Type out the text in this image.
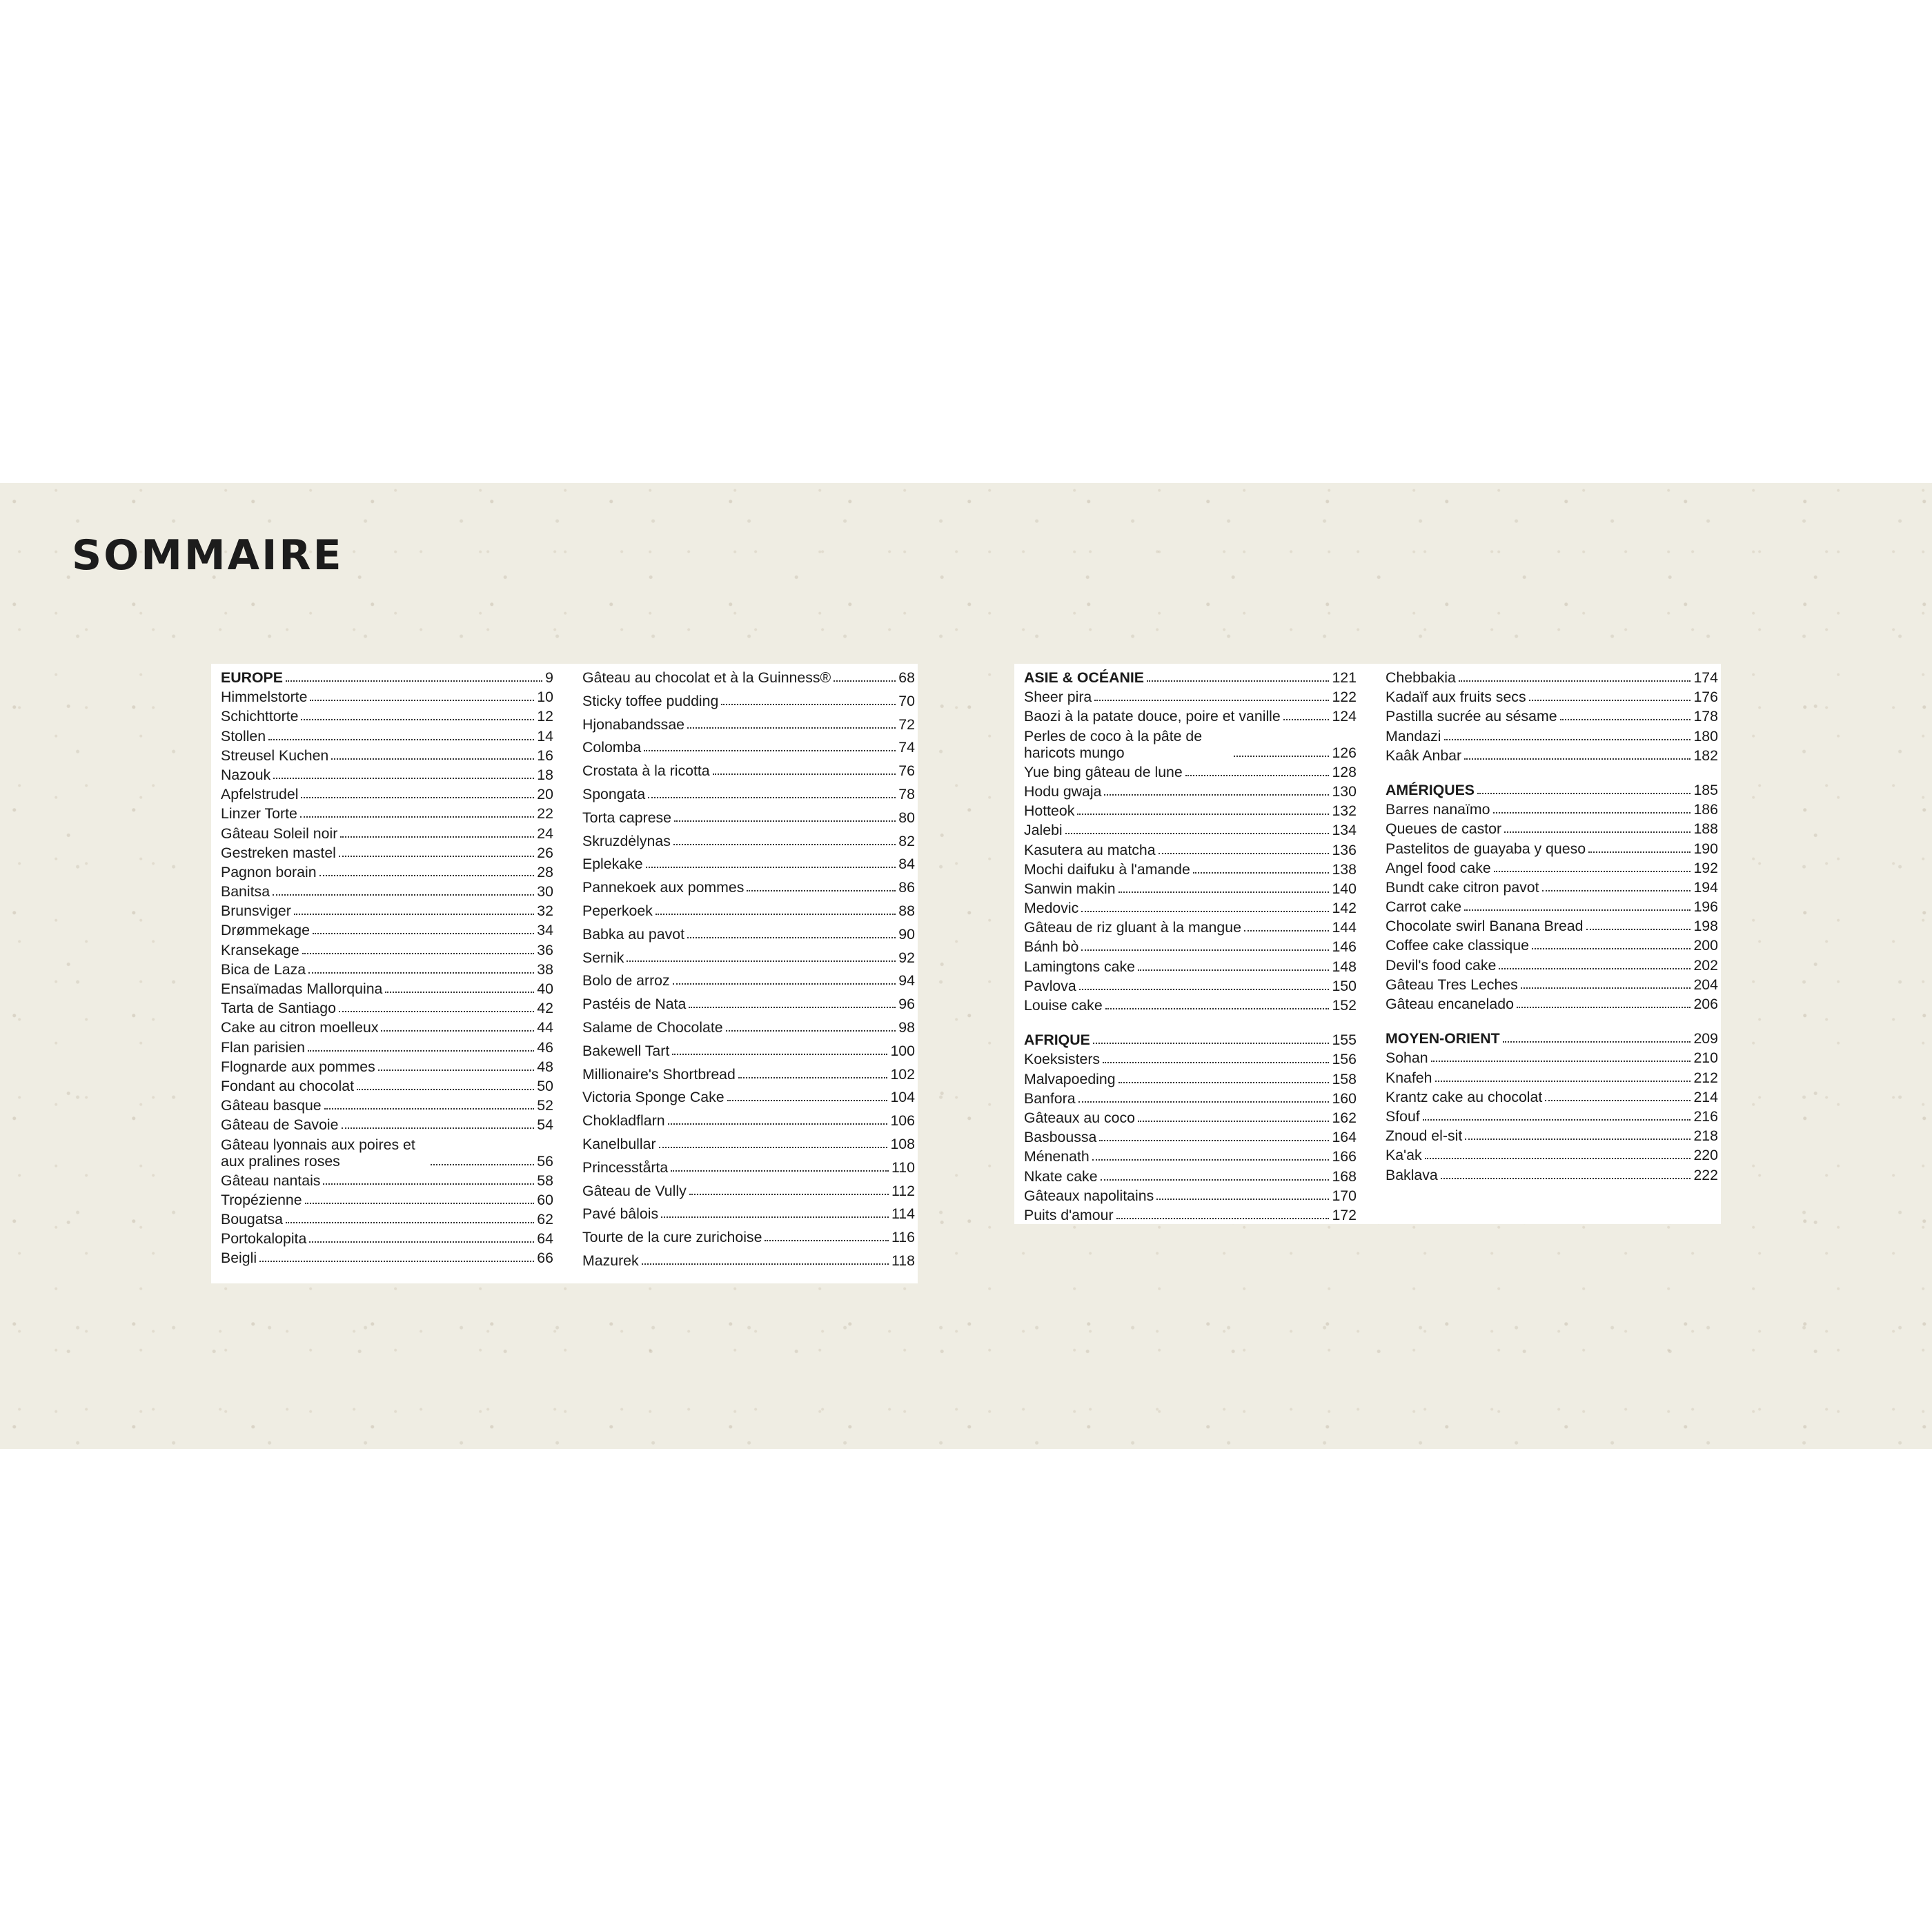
SOMMAIRE
EUROPE	9
Himmelstorte	10
Schichttorte	12
Stollen	14
Streusel Kuchen	16
Nazouk	18
Apfelstrudel	20
Linzer Torte	22
Gâteau Soleil noir	24
Gestreken mastel	26
Pagnon borain	28
Banitsa	30
Brunsviger	32
Drømmekage	34
Kransekage	36
Bica de Laza	38
Ensaïmadas Mallorquina	40
Tarta de Santiago	42
Cake au citron moelleux	44
Flan parisien	46
Flognarde aux pommes	48
Fondant au chocolat	50
Gâteau basque	52
Gâteau de Savoie	54
Gâteau lyonnais aux poires et aux pralines roses	56
Gâteau nantais	58
Tropézienne	60
Bougatsa	62
Portokalopita	64
Beigli	66
Gâteau au chocolat et à la Guinness®	68
Sticky toffee pudding	70
Hjonabandssae	72
Colomba	74
Crostata à la ricotta	76
Spongata	78
Torta caprese	80
Skruzdėlynas	82
Eplekake	84
Pannekoek aux pommes	86
Peperkoek	88
Babka au pavot	90
Sernik	92
Bolo de arroz	94
Pastéis de Nata	96
Salame de Chocolate	98
Bakewell Tart	100
Millionaire's Shortbread	102
Victoria Sponge Cake	104
Chokladflarn	106
Kanelbullar	108
Princesstårta	110
Gâteau de Vully	112
Pavé bâlois	114
Tourte de la cure zurichoise	116
Mazurek	118
ASIE & OCÉANIE	121
Sheer pira	122
Baozi à la patate douce, poire et vanille	124
Perles de coco à la pâte de haricots mungo	126
Yue bing gâteau de lune	128
Hodu gwaja	130
Hotteok	132
Jalebi	134
Kasutera au matcha	136
Mochi daifuku à l'amande	138
Sanwin makin	140
Medovic	142
Gâteau de riz gluant à la mangue	144
Bánh bò	146
Lamingtons cake	148
Pavlova	150
Louise cake	152
AFRIQUE	155
Koeksisters	156
Malvapoeding	158
Banfora	160
Gâteaux au coco	162
Basboussa	164
Ménenath	166
Nkate cake	168
Gâteaux napolitains	170
Puits d'amour	172
Chebbakia	174
Kadaïf aux fruits secs	176
Pastilla sucrée au sésame	178
Mandazi	180
Kaâk Anbar	182
AMÉRIQUES	185
Barres nanaïmo	186
Queues de castor	188
Pastelitos de guayaba y queso	190
Angel food cake	192
Bundt cake citron pavot	194
Carrot cake	196
Chocolate swirl Banana Bread	198
Coffee cake classique	200
Devil's food cake	202
Gâteau Tres Leches	204
Gâteau encanelado	206
MOYEN-ORIENT	209
Sohan	210
Knafeh	212
Krantz cake au chocolat	214
Sfouf	216
Znoud el-sit	218
Ka'ak	220
Baklava	222
